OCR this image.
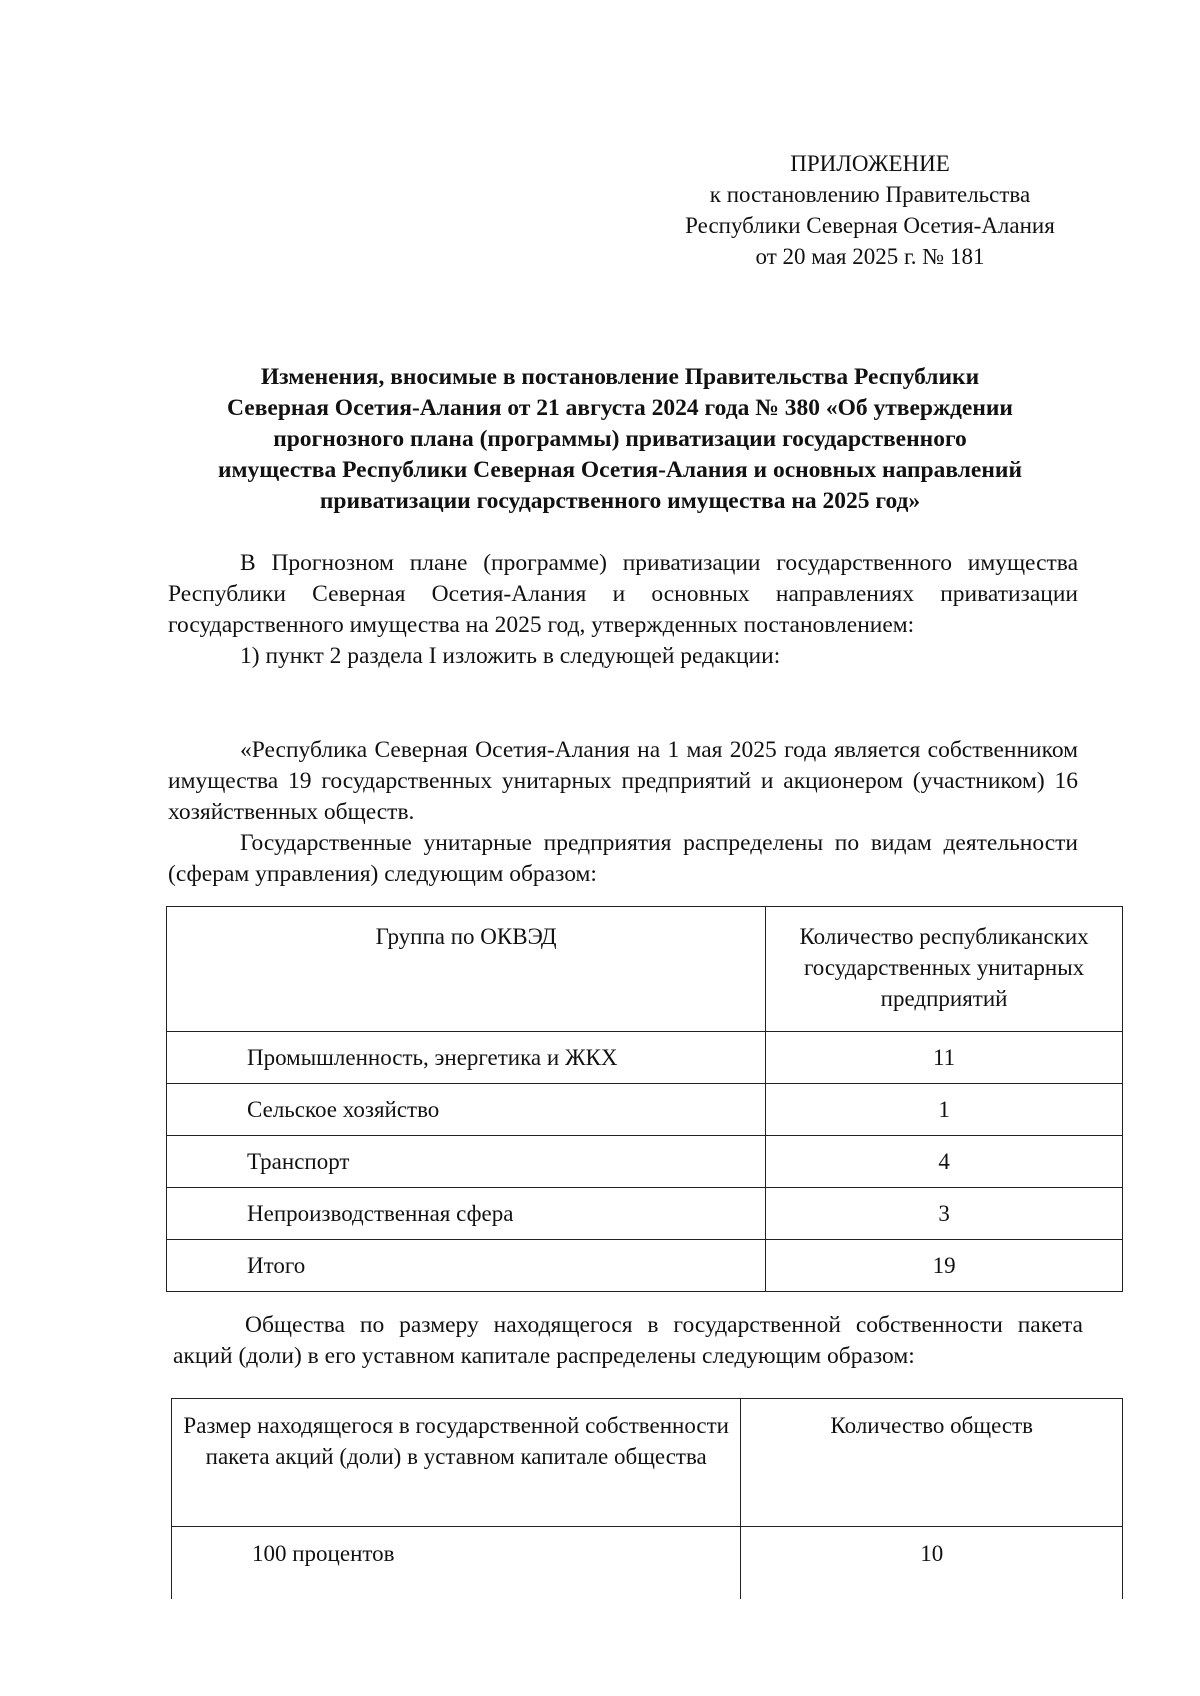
ПРИЛОЖЕНИЕ
к постановлению Правительства
Республики Северная Осетия-Алания
от 20 мая 2025 г. № 181
Изменения, вносимые в постановление Правительства Республики
Северная Осетия-Алания от 21 августа 2024 года № 380 «Об утверждении
прогнозного плана (программы) приватизации государственного
имущества Республики Северная Осетия-Алания и основных направлений
приватизации государственного имущества на 2025 год»
В Прогнозном плане (программе) приватизации государственного имущества Республики Северная Осетия-Алания и основных направлениях приватизации государственного имущества на 2025 год, утвержденных постановлением:
1) пункт 2 раздела I изложить в следующей редакции:
«Республика Северная Осетия-Алания на 1 мая 2025 года является собственником имущества 19 государственных унитарных предприятий и акционером (участником) 16 хозяйственных обществ.
Государственные унитарные предприятия распределены по видам деятельности (сферам управления) следующим образом:
Группа по ОКВЭД	Количество республиканских государственных унитарных предприятий
Промышленность, энергетика и ЖКХ	11
Сельское хозяйство	1
Транспорт	4
Непроизводственная сфера	3
Итого	19
Общества по размеру находящегося в государственной собственности пакета акций (доли) в его уставном капитале распределены следующим образом:
Размер находящегося в государственной собственности пакета акций (доли) в уставном капитале общества	Количество обществ
100 процентов	10
